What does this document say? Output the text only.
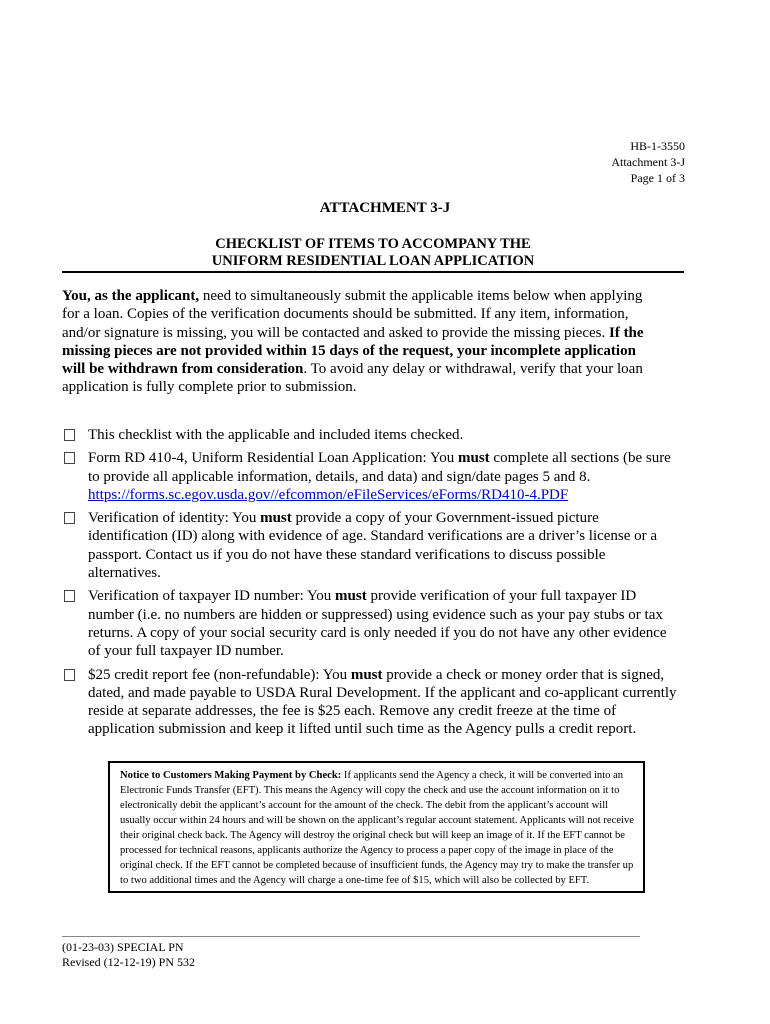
HB-1-3550
Attachment 3-J
Page 1 of 3
ATTACHMENT 3-J
CHECKLIST OF ITEMS TO ACCOMPANY THE
UNIFORM RESIDENTIAL LOAN APPLICATION
You, as the applicant, need to simultaneously submit the applicable items below when applying for a loan. Copies of the verification documents should be submitted. If any item, information, and/or signature is missing, you will be contacted and asked to provide the missing pieces. If the missing pieces are not provided within 15 days of the request, your incomplete application will be withdrawn from consideration. To avoid any delay or withdrawal, verify that your loan application is fully complete prior to submission.
This checklist with the applicable and included items checked.
Form RD 410-4, Uniform Residential Loan Application: You must complete all sections (be sure to provide all applicable information, details, and data) and sign/date pages 5 and 8.
https://forms.sc.egov.usda.gov//efcommon/eFileServices/eForms/RD410-4.PDF
Verification of identity: You must provide a copy of your Government-issued picture identification (ID) along with evidence of age. Standard verifications are a driver’s license or a passport. Contact us if you do not have these standard verifications to discuss possible alternatives.
Verification of taxpayer ID number: You must provide verification of your full taxpayer ID number (i.e. no numbers are hidden or suppressed) using evidence such as your pay stubs or tax returns. A copy of your social security card is only needed if you do not have any other evidence of your full taxpayer ID number.
$25 credit report fee (non-refundable): You must provide a check or money order that is signed, dated, and made payable to USDA Rural Development. If the applicant and co-applicant currently reside at separate addresses, the fee is $25 each. Remove any credit freeze at the time of application submission and keep it lifted until such time as the Agency pulls a credit report.
Notice to Customers Making Payment by Check: If applicants send the Agency a check, it will be converted into an Electronic Funds Transfer (EFT). This means the Agency will copy the check and use the account information on it to electronically debit the applicant’s account for the amount of the check. The debit from the applicant’s account will usually occur within 24 hours and will be shown on the applicant’s regular account statement. Applicants will not receive their original check back. The Agency will destroy the original check but will keep an image of it. If the EFT cannot be processed for technical reasons, applicants authorize the Agency to process a paper copy of the image in place of the original check. If the EFT cannot be completed because of insufficient funds, the Agency may try to make the transfer up to two additional times and the Agency will charge a one-time fee of $15, which will also be collected by EFT.
(01-23-03) SPECIAL PN
Revised (12-12-19) PN 532
